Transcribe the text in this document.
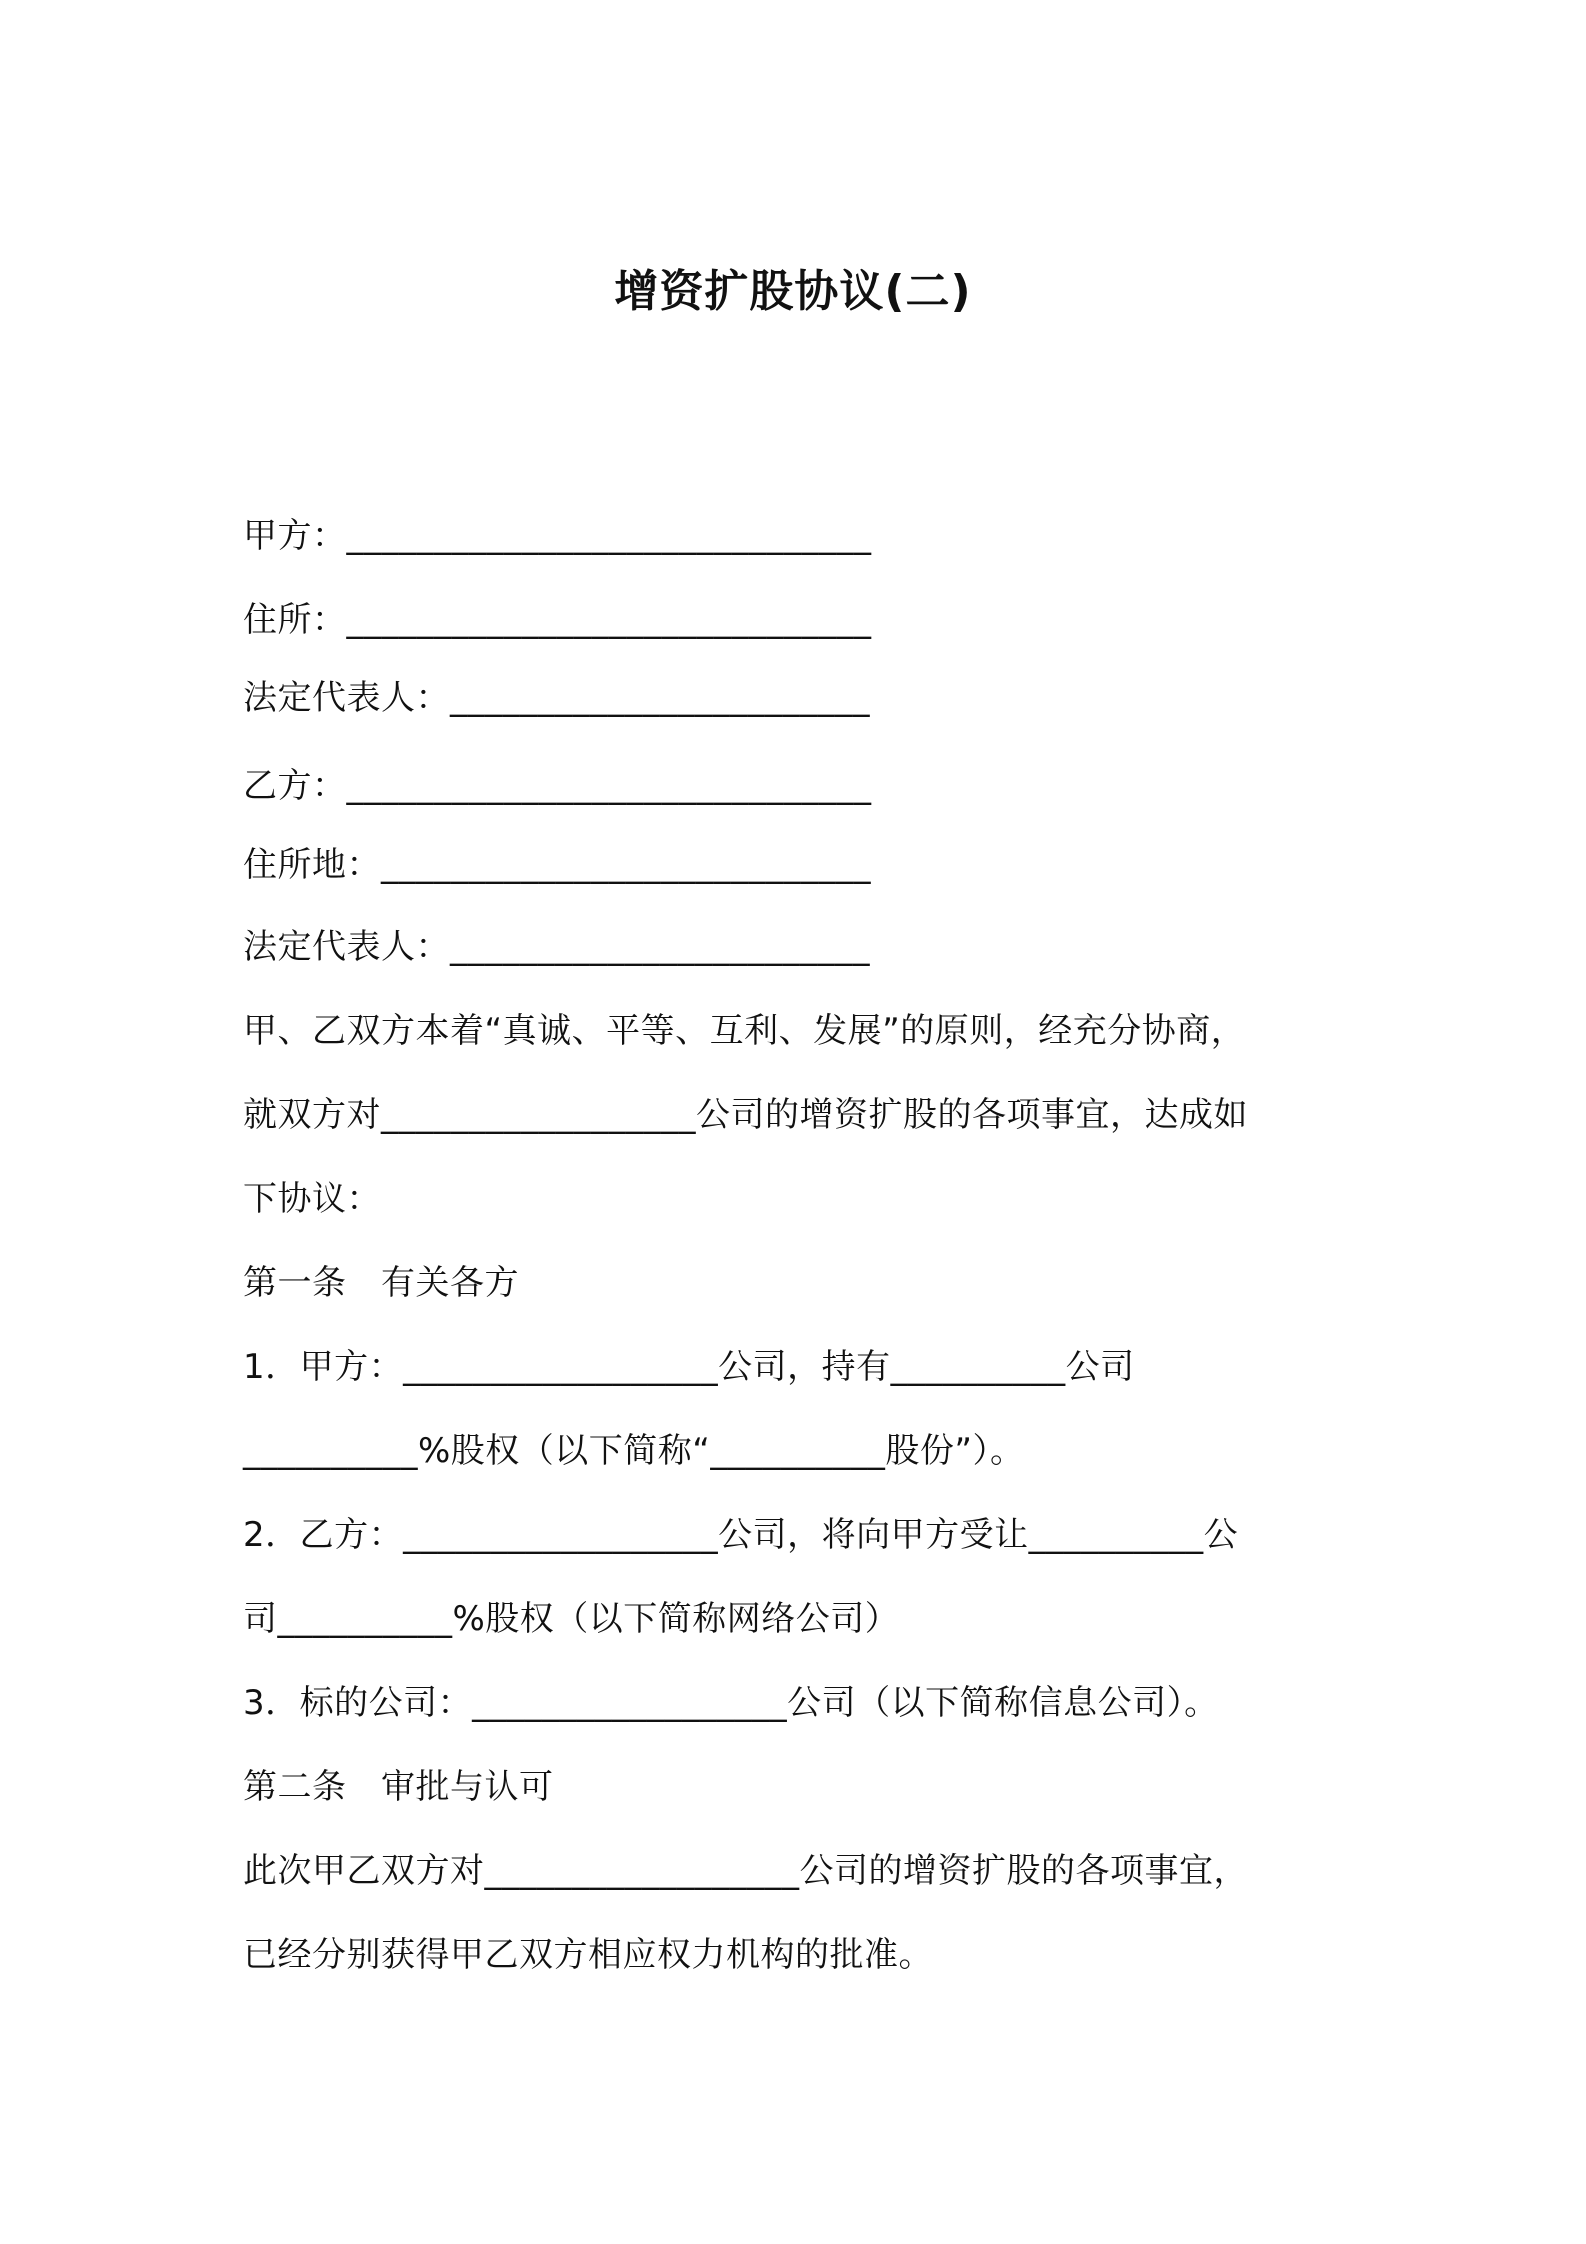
增资扩股协议(二)
甲方：______________________________
住所：______________________________
法定代表人：________________________
乙方：______________________________
住所地：____________________________
法定代表人：________________________
甲、乙双方本着“真诚、平等、互利、发展”的原则，经充分协商，
就双方对__________________公司的增资扩股的各项事宜，达成如
下协议：
第一条　有关各方
1．甲方：__________________公司，持有__________公司
__________%股权（以下简称“__________股份”）。
2．乙方：__________________公司，将向甲方受让__________公
司__________%股权（以下简称网络公司）
3．标的公司：__________________公司（以下简称信息公司）。
第二条　审批与认可
此次甲乙双方对__________________公司的增资扩股的各项事宜，
已经分别获得甲乙双方相应权力机构的批准。
